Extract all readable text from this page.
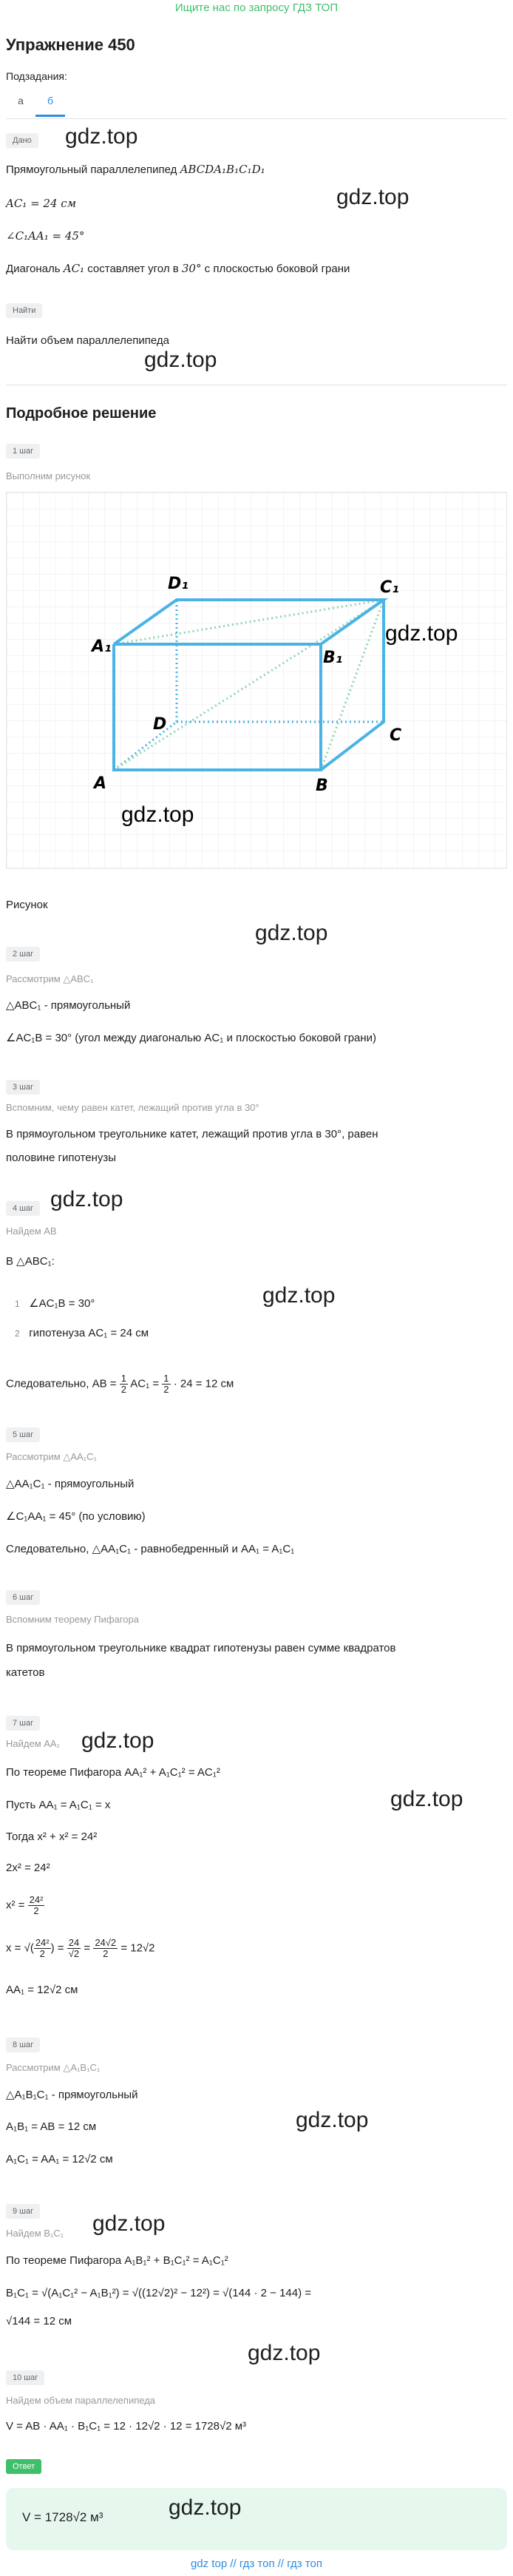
Ищите нас по запросу ГДЗ ТОП
Упражнение 450
Подзадания:
а	б
Дано	gdz.top
Прямоугольный параллелепипед ABCDA₁B₁C₁D₁
gdz.top
AC₁ = 24 см
∠C₁AA₁ = 45°
Диагональ AC₁ составляет угол в 30° с плоскостью боковой грани
Найти
Найти объем параллелепипеда
gdz.top
Подробное решение
1 шаг
Выполним рисунок
A	B
C
D
A₁
B₁
C₁
D₁
gdz.top
gdz.top
Рисунок
gdz.top
2 шаг
Рассмотрим △ABC₁
△ABC₁ - прямоугольный
∠AC₁B = 30° (угол между диагональю AC₁ и плоскостью боковой грани)
3 шаг
Вспомним, чему равен катет, лежащий против угла в 30°
В прямоугольном треугольнике катет, лежащий против угла в 30°, равен
половине гипотенузы
gdz.top
4 шаг
Найдем AB
В △ABC₁:
gdz.top
1 ∠AC₁B = 30°
2 гипотенуза AC₁ = 24 см
Следовательно, AB = $\frac{1}{2} AC_1 = \frac{1}{2} \cdot 24 = 12$ см
5 шаг
Рассмотрим △AA₁C₁
△AA₁C₁ - прямоугольный
∠C₁AA₁ = 45° (по условию)
Следовательно, △AA₁C₁ - равнобедренный и AA₁ = A₁C₁
6 шаг
Вспомним теорему Пифагора
В прямоугольном треугольнике квадрат гипотенузы равен сумме квадратов
катетов
7 шаг
Найдем AA₁ gdz.top
По теореме Пифагора AA₁² + A₁C₁² = AC₁²
gdz.top
Пусть AA₁ = A₁C₁ = x
Тогда x² + x² = 24²
2x² = 24²
$x^2 = \frac{\text{24²}}{2}$
x = √( $\frac{\text{24²}}{2}$ ) = $\frac{24}{√2} = \frac{24√2}{2} = 12√2$
AA₁ = 12√2 см
8 шаг
Рассмотрим △A₁B₁C₁
△A₁B₁C₁ - прямоугольный
gdz.top
A₁B₁ = AB = 12 см
A₁C₁ = AA₁ = 12√2 см
9 шаг	gdz.top
Найдем B₁C₁
По теореме Пифагора A₁B₁² + B₁C₁² = A₁C₁²
B₁C₁ = √(A₁C₁² − A₁B₁²) = √((12√2)² − 12²) = √(144 · 2 − 144) =
√144 = 12 см
gdz.top
10 шаг
Найдем объем параллелепипеда
V = AB · AA₁ · B₁C₁ = 12 · 12√2 · 12 = 1728√2 м³
Ответ
V = 1728√2 м³	gdz.top
gdz top // гдз топ // гдз топ
